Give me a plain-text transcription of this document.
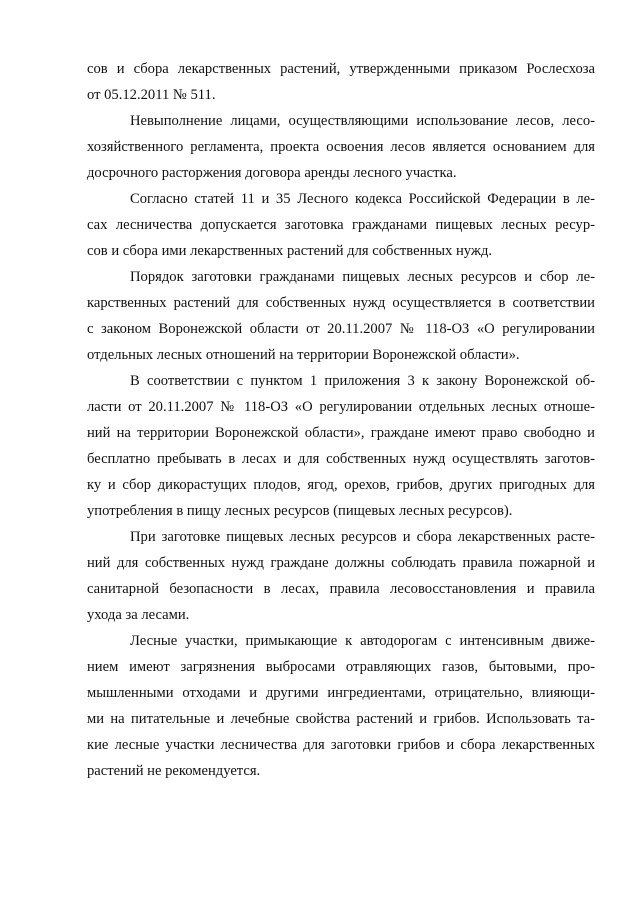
сов и сбора лекарственных растений, утвержденными приказом Рослесхоза
от 05.12.2011 № 511.
Невыполнение лицами, осуществляющими использование лесов, лесо-
хозяйственного регламента, проекта освоения лесов является основанием для
досрочного расторжения договора аренды лесного участка.
Согласно статей 11 и 35 Лесного кодекса Российской Федерации в ле-
сах лесничества допускается заготовка гражданами пищевых лесных ресур-
сов и сбора ими лекарственных растений для собственных нужд.
Порядок заготовки гражданами пищевых лесных ресурсов и сбор ле-
карственных растений для собственных нужд осуществляется в соответствии
с законом Воронежской области от 20.11.2007 № 118-ОЗ «О регулировании
отдельных лесных отношений на территории Воронежской области».
В соответствии с пунктом 1 приложения 3 к закону Воронежской об-
ласти от 20.11.2007 № 118-ОЗ «О регулировании отдельных лесных отноше-
ний на территории Воронежской области», граждане имеют право свободно и
бесплатно пребывать в лесах и для собственных нужд осуществлять заготов-
ку и сбор дикорастущих плодов, ягод, орехов, грибов, других пригодных для
употребления в пищу лесных ресурсов (пищевых лесных ресурсов).
При заготовке пищевых лесных ресурсов и сбора лекарственных расте-
ний для собственных нужд граждане должны соблюдать правила пожарной и
санитарной безопасности в лесах, правила лесовосстановления и правила
ухода за лесами.
Лесные участки, примыкающие к автодорогам с интенсивным движе-
нием имеют загрязнения выбросами отравляющих газов, бытовыми, про-
мышленными отходами и другими ингредиентами, отрицательно, влияющи-
ми на питательные и лечебные свойства растений и грибов. Использовать та-
кие лесные участки лесничества для заготовки грибов и сбора лекарственных
растений не рекомендуется.
